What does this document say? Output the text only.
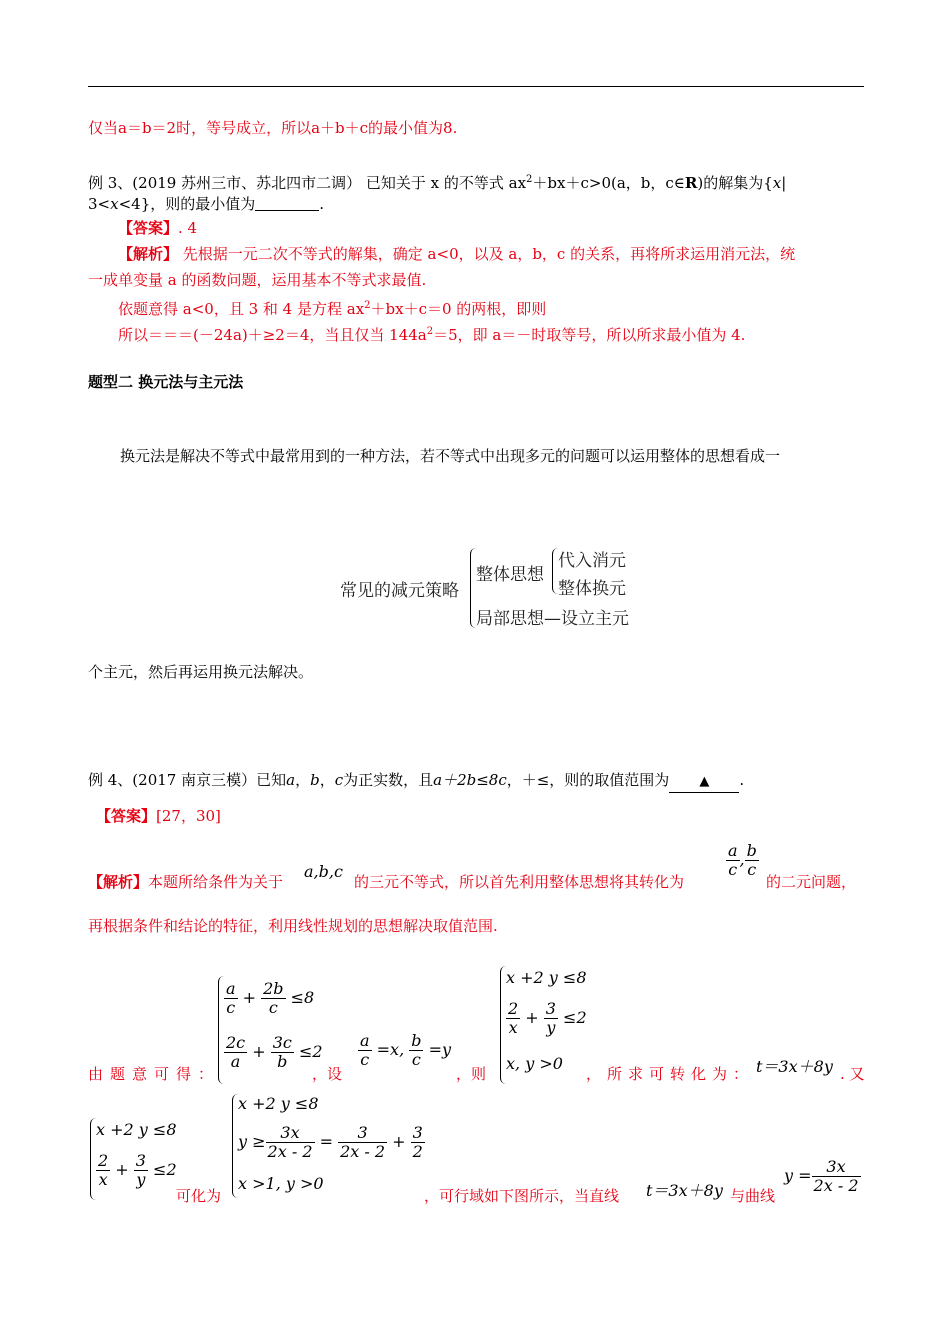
仅当a＝b＝2时，等号成立，所以a＋b＋c的最小值为8.
例 3、(2019 苏州三市、苏北四市二调） 已知关于 x 的不等式 $ax^2+bx+c>0(a$，b，c∈R)的解集为{x|
3<x<4}，则的最小值为	.
【答案】. 4
【解析】 先根据一元二次不等式的解集，确定 a<0，以及 a，b，c 的关系，再将所求运用消元法，统
一成单变量 a 的函数问题，运用基本不等式求最值.
依题意得 a<0，且 3 和 4 是方程 $ax^2+bx+c=0$ 的两根，即则
所以＝＝＝(－24a)＋≥2＝4，当且仅当 $144a^2=5$，即 a＝－时取等号，所以所求最小值为 4.
题型二 换元法与主元法
换元法是解决不等式中最常用到的一种方法，若不等式中出现多元的问题可以运用整体的思想看成一
常见的减元策略
整体思想
代入消元
整体换元
局部思想—设立主元
个主元，然后再运用换元法解决。
例 4、(2017 南京三模）已知a，b，c为正实数，且a＋2b≤8c，＋≤，则的取值范围为 ▲ .
【答案】[27，30]
【解析】本题所给条件为关于
a,b,c
的三元不等式，所以首先利用整体思想将其转化为
$\frac{a}{c}$ , $\frac{b}{c}$
的二元问题，
再根据条件和结论的特征，利用线性规划的思想解决取值范围.
$\frac{a}{c} + \frac{2b}{c} \le 8$
$\frac{2c}{a} + \frac{3c}{b} \le 2$
由题意可得：	，设
$\frac{a}{c} =x$, $\frac{b}{c} =y$
，则
x +2 y ≤8
$\frac{2}{x} + \frac{3}{y} \le 2$
x, y >0
，所求可转化为： t＝3x＋8y . 又
x +2 y ≤8
$\frac{2}{x} + \frac{3}{y} \le 2$
可化为
x +2 y ≤8
$y \ge \frac{3x}{2x - 2} = \frac{3}{2x - 2} + \frac{3}{2}$
x >1, y >0
，可行域如下图所示，当直线 t＝3x＋8y 与曲线
$y = \frac{3x}{2x - 2}$
